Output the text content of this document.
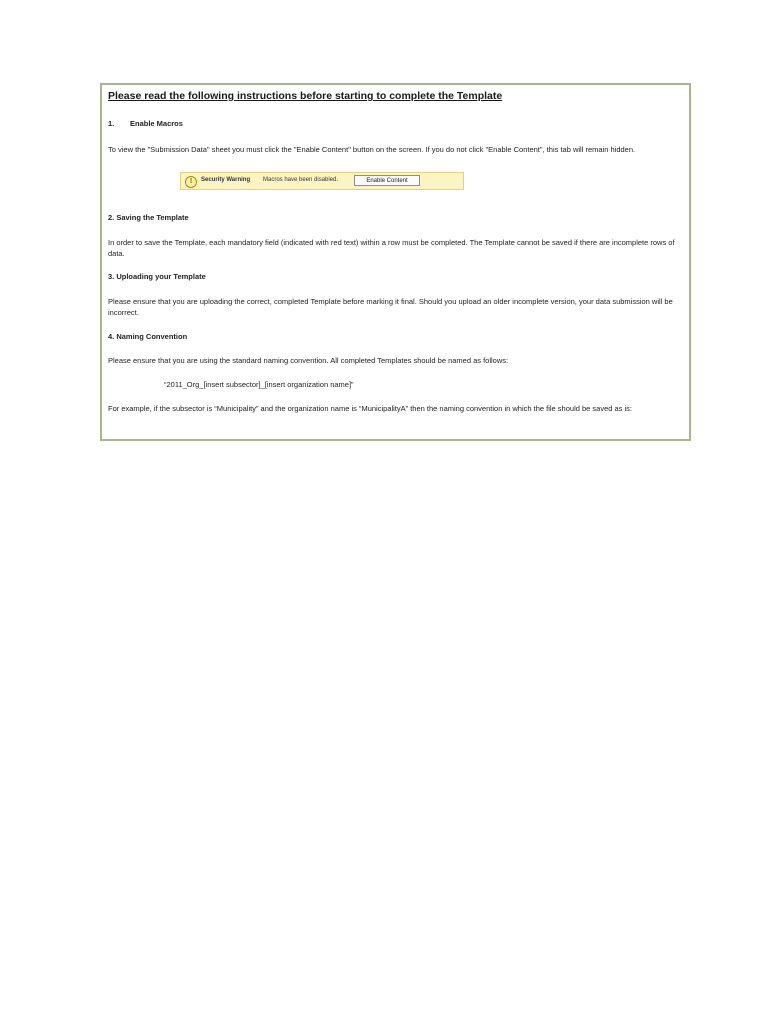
Please read the following instructions before starting to complete the Template
1. Enable Macros
To view the "Submission Data" sheet you must click the "Enable Content" button on the screen. If you do not click "Enable Content", this tab will remain hidden.
!	Security Warning Macros have been disabled.	Enable Content
2. Saving the Template
In order to save the Template, each mandatory field (indicated with red text) within a row must be completed. The Template cannot be saved if there are incomplete rows of data.
3. Uploading your Template
Please ensure that you are uploading the correct, completed Template before marking it final. Should you upload an older incomplete version, your data submission will be incorrect.
4. Naming Convention
Please ensure that you are using the standard naming convention. All completed Templates should be named as follows:
“2011_Org_[insert subsector]_[insert organization name]”
For example, if the subsector is “Municipality” and the organization name is “MunicipalityA” then the naming convention in which the file should be saved as is:
